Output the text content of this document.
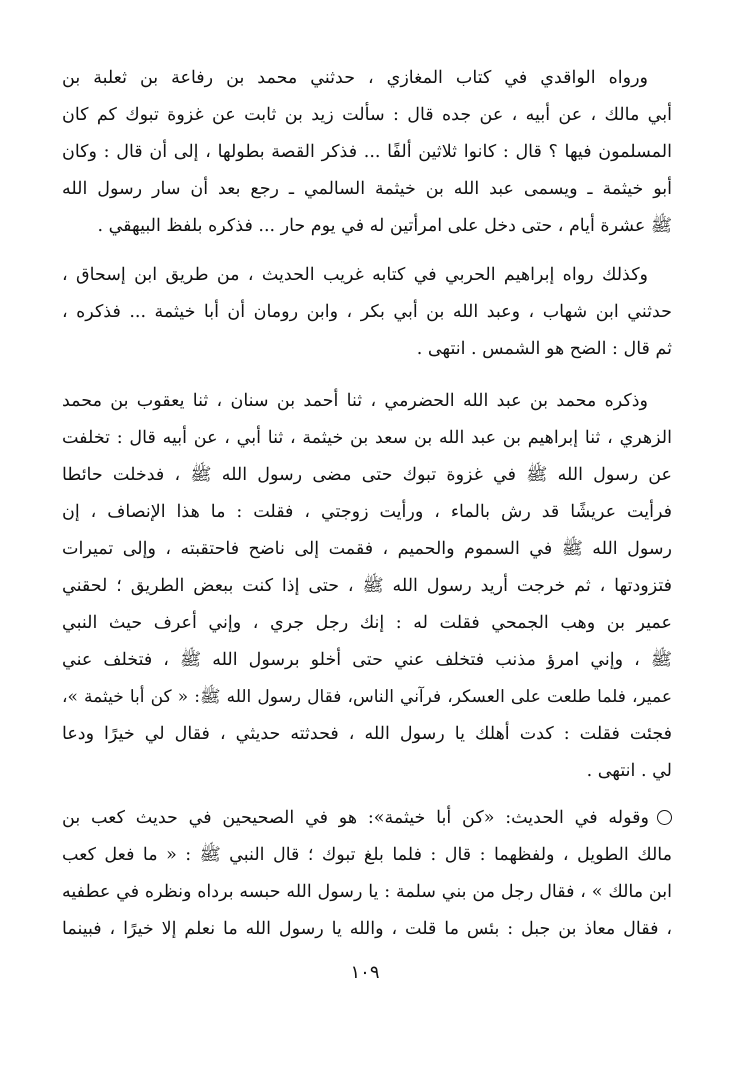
ورواه الواقدي في كتاب المغازي ، حدثني محمد بن رفاعة بن ثعلبة بن
أبي مالك ، عن أبيه ، عن جده قال : سألت زيد بن ثابت عن غزوة تبوك كم كان
المسلمون فيها ؟ قال : كانوا ثلاثين ألفًا ... فذكر القصة بطولها ، إلى أن قال : وكان
أبو خيثمة ـ ويسمى عبد الله بن خيثمة السالمي ـ رجع بعد أن سار رسول الله
ﷺ عشرة أيام ، حتى دخل على امرأتين له في يوم حار ... فذكره بلفظ البيهقي .
وكذلك رواه إبراهيم الحربي في كتابه غريب الحديث ، من طريق ابن إسحاق ،
حدثني ابن شهاب ، وعبد الله بن أبي بكر ، وابن رومان أن أبا خيثمة ... فذكره ،
ثم قال : الضح هو الشمس . انتهى .
وذكره محمد بن عبد الله الحضرمي ، ثنا أحمد بن سنان ، ثنا يعقوب بن محمد
الزهري ، ثنا إبراهيم بن عبد الله بن سعد بن خيثمة ، ثنا أبي ، عن أبيه قال : تخلفت
عن رسول الله ﷺ في غزوة تبوك حتى مضى رسول الله ﷺ ، فدخلت حائطا
فرأيت عريشًا قد رش بالماء ، ورأيت زوجتي ، فقلت : ما هذا الإنصاف ، إن
رسول الله ﷺ في السموم والحميم ، فقمت إلى ناضح فاحتقبته ، وإلى تميرات
فتزودتها ، ثم خرجت أريد رسول الله ﷺ ، حتى إذا كنت ببعض الطريق ؛ لحقني
عمير بن وهب الجمحي فقلت له : إنك رجل جري ، وإني أعرف حيث النبي
ﷺ ، وإني امرؤ مذنب فتخلف عني حتى أخلو برسول الله ﷺ ، فتخلف عني
عمير، فلما طلعت على العسكر، فرآني الناس، فقال رسول الله ﷺ: « كن أبا خيثمة »،
فجئت فقلت : كدت أهلك يا رسول الله ، فحدثته حديثي ، فقال لي خيرًا ودعا
لي . انتهى .
وقوله في الحديث: «كن أبا خيثمة»: هو في الصحيحين في حديث كعب بن
مالك الطويل ، ولفظهما : قال : فلما بلغ تبوك ؛ قال النبي ﷺ : « ما فعل كعب
ابن مالك » ، فقال رجل من بني سلمة : يا رسول الله حبسه برداه ونظره في عطفيه
، فقال معاذ بن جبل : بئس ما قلت ، والله يا رسول الله ما نعلم إلا خيرًا ، فبينما
١٠٩
